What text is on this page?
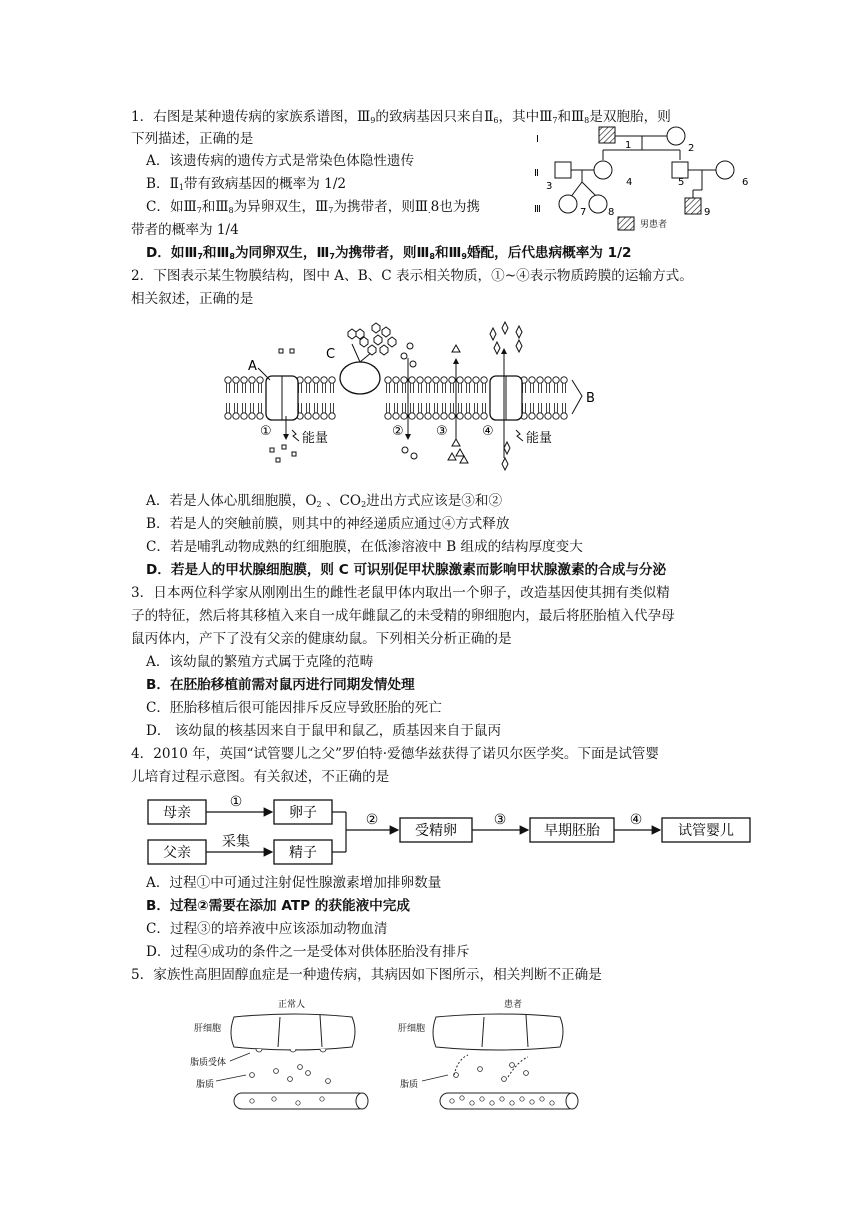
1．右图是某种遗传病的家族系谱图，$Ⅲ_9$的致病基因只来自$Ⅱ_6$，其中$Ⅲ_7$和$Ⅲ_8$是双胞胎，则
下列描述，正确的是
A．该遗传病的遗传方式是常染色体隐性遗传
B．$Ⅱ_1$带有致病基因的概率为 1/2
C．如$Ⅲ_7$和$Ⅲ_8$为异卵双生，$Ⅲ_7$为携带者，则$Ⅲ_.8$也为携
带者的概率为 1/4
D．如$Ⅲ_7$和$Ⅲ_8$为同卵双生，$Ⅲ_7$为携带者，则$Ⅲ_8$和$Ⅲ_9$婚配，后代患病概率为 1/2
Ⅰ
Ⅱ
Ⅲ
1	2
3	4	5	6
7 8	9
男患者
2．下图表示某生物膜结构，图中 A、B、C 表示相关物质，①~④表示物质跨膜的运输方式。
相关叙述，正确的是
A
① 能量
C
② ③	④ 能量
B
A．若是人体心肌细胞膜，$O_2$ 、$CO_2$进出方式应该是③和②
B．若是人的突触前膜，则其中的神经递质应通过④方式释放
C．若是哺乳动物成熟的红细胞膜，在低渗溶液中 B 组成的结构厚度变大
D．若是人的甲状腺细胞膜，则 C 可识别促甲状腺激素而影响甲状腺激素的合成与分泌
3．日本两位科学家从刚刚出生的雌性老鼠甲体内取出一个卵子，改造基因使其拥有类似精
子的特征，然后将其移植入来自一成年雌鼠乙的未受精的卵细胞内，最后将胚胎植入代孕母
鼠丙体内，产下了没有父亲的健康幼鼠。下列相关分析正确的是
A．该幼鼠的繁殖方式属于克隆的范畴
B．在胚胎移植前需对鼠丙进行同期发情处理
C．胚胎移植后很可能因排斥反应导致胚胎的死亡
D． 该幼鼠的核基因来自于鼠甲和鼠乙，质基因来自于鼠丙
4．2010 年，英国“试管婴儿之父”罗伯特·爱德华兹获得了诺贝尔医学奖。下面是试管婴
儿培育过程示意图。有关叙述，不正确的是
母亲	卵子
父亲	精子
受精卵	早期胚胎	试管婴儿
①
采集
②	③	④
A．过程①中可通过注射促性腺激素增加排卵数量
B．过程②需要在添加 ATP 的获能液中完成
C．过程③的培养液中应该添加动物血清
D．过程④成功的条件之一是受体对供体胚胎没有排斥
5．家族性高胆固醇血症是一种遗传病，其病因如下图所示，相关判断不正确是
正常人	患者
肝细胞	肝细胞
脂质受体
脂质	脂质
